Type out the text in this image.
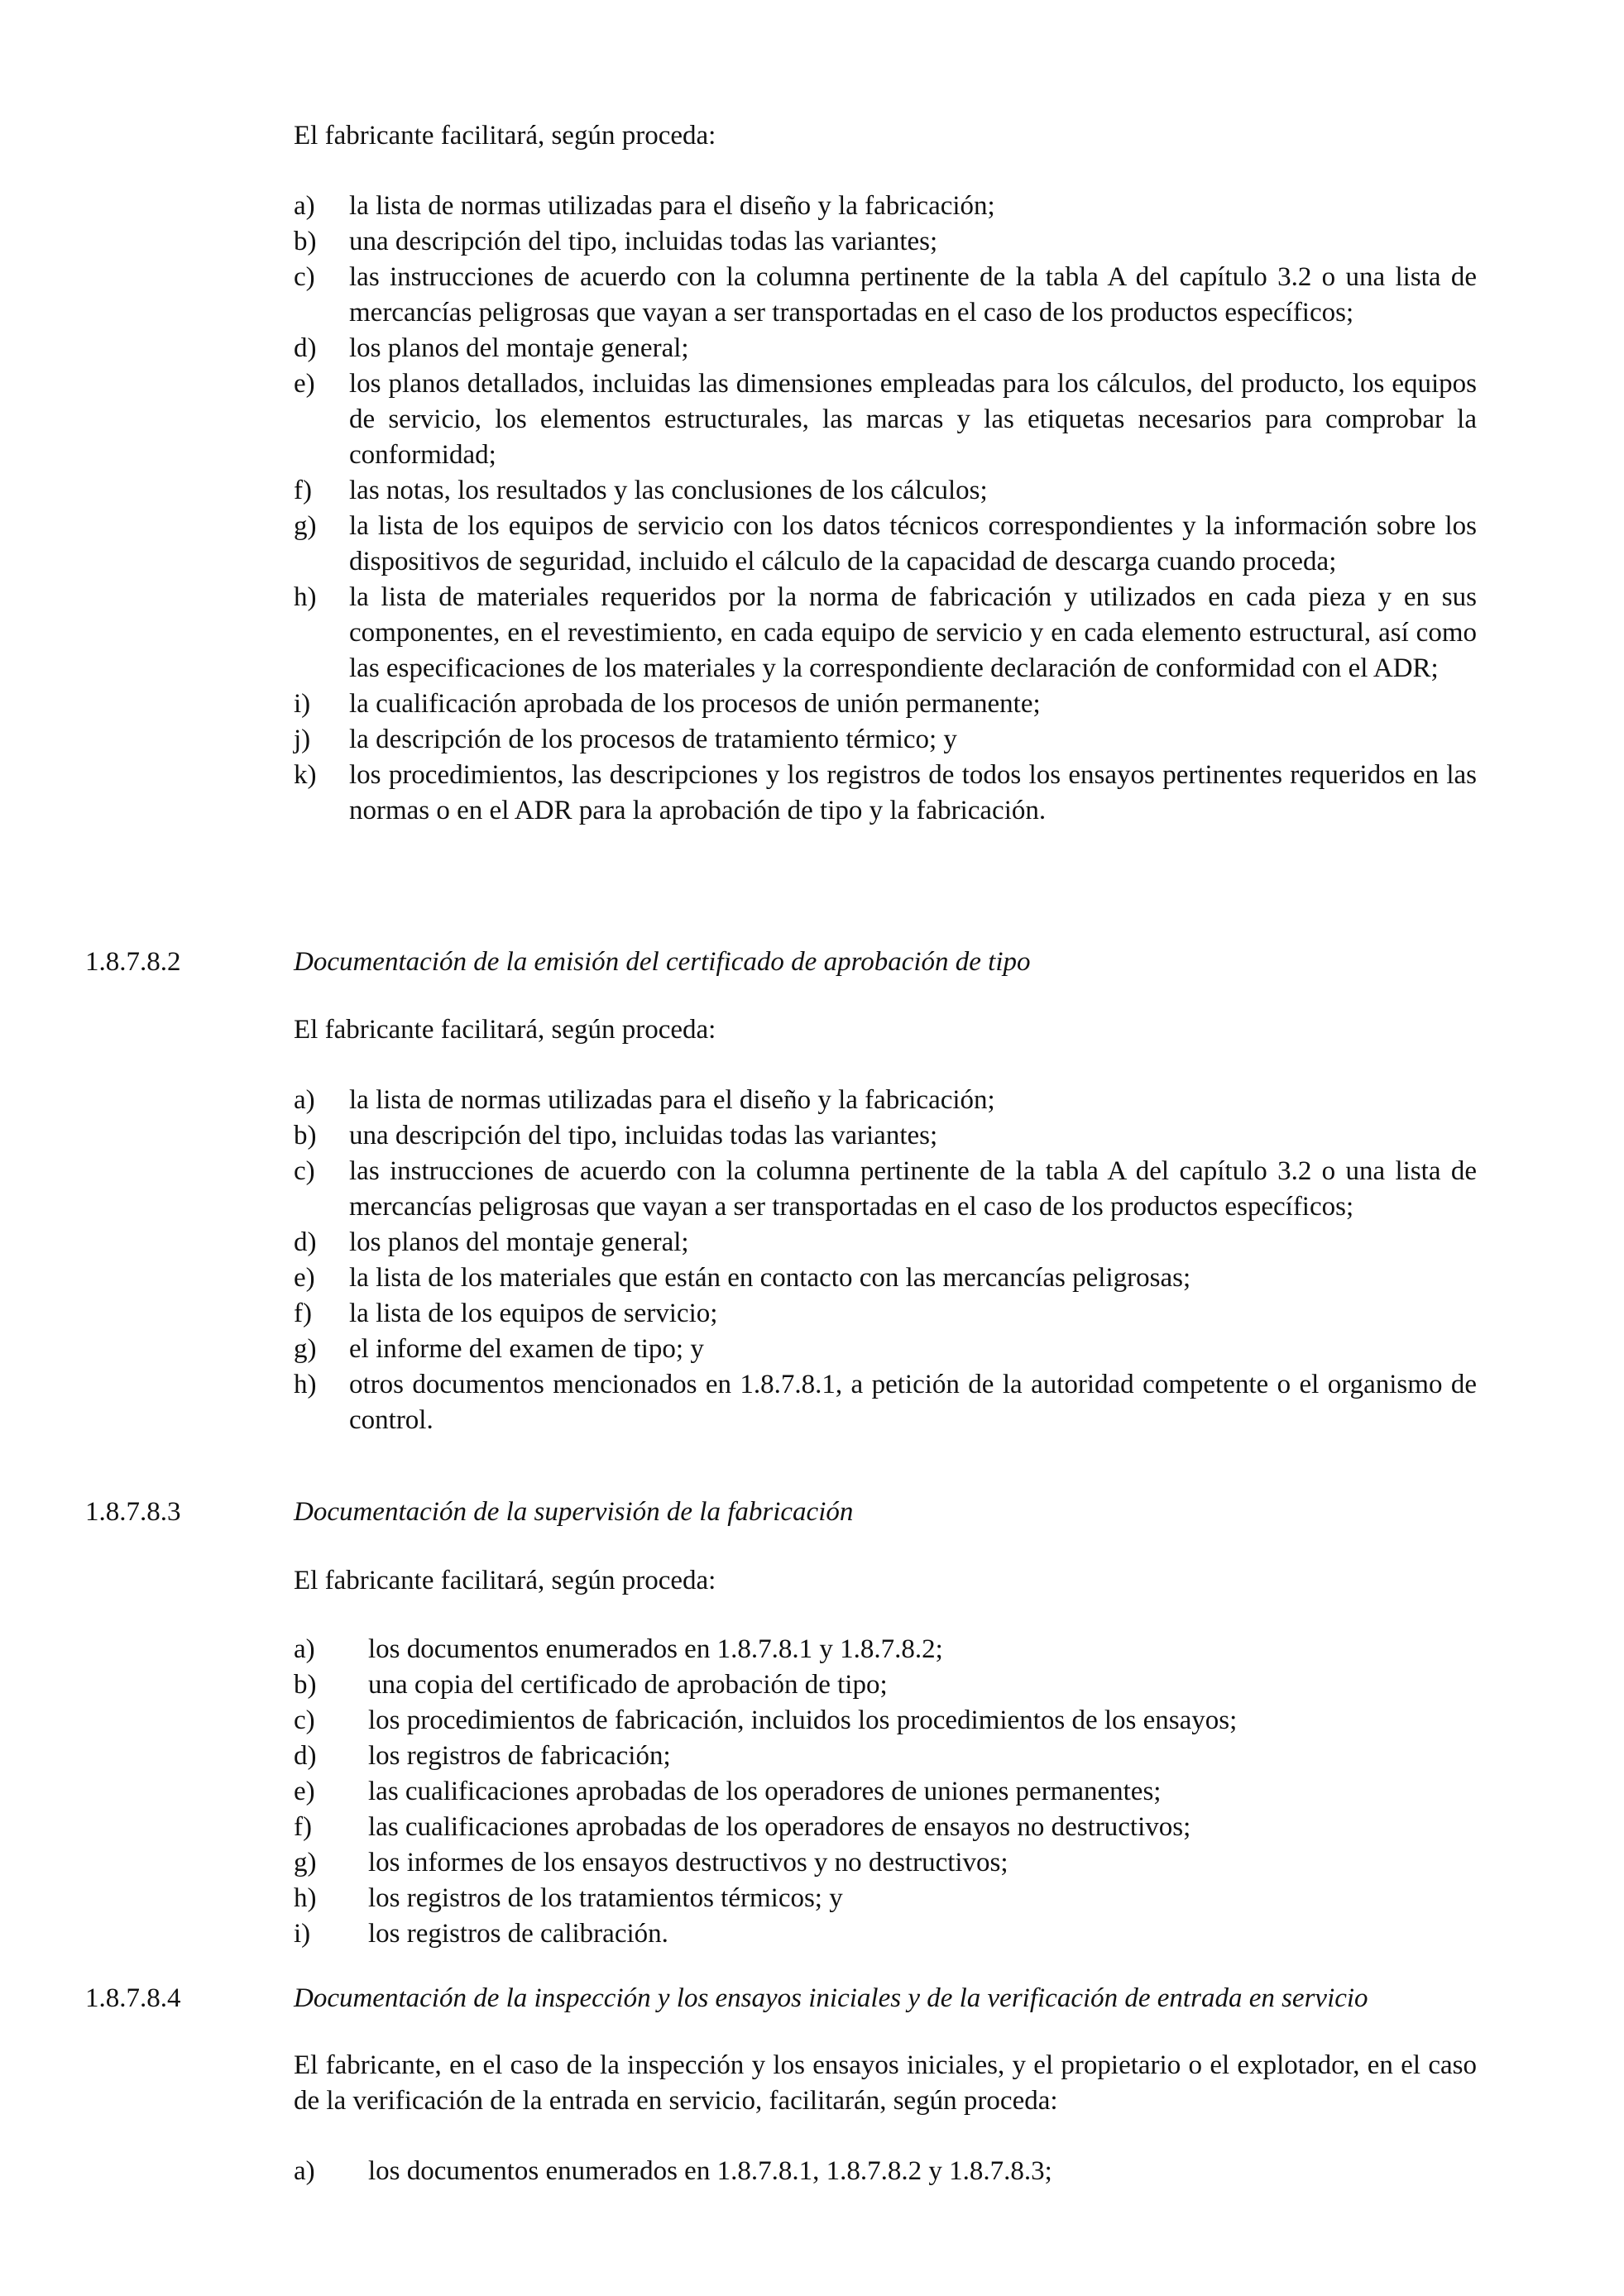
El fabricante facilitará, según proceda:

a) la lista de normas utilizadas para el diseño y la fabricación;
b) una descripción del tipo, incluidas todas las variantes;
c) las instrucciones de acuerdo con la columna pertinente de la tabla A del capítulo 3.2 o una lista de mercancías peligrosas que vayan a ser transportadas en el caso de los productos específicos;
d) los planos del montaje general;
e) los planos detallados, incluidas las dimensiones empleadas para los cálculos, del producto, los equipos de servicio, los elementos estructurales, las marcas y las etiquetas necesarios para comprobar la conformidad;
f) las notas, los resultados y las conclusiones de los cálculos;
g) la lista de los equipos de servicio con los datos técnicos correspondientes y la información sobre los dispositivos de seguridad, incluido el cálculo de la capacidad de descarga cuando proceda;
h) la lista de materiales requeridos por la norma de fabricación y utilizados en cada pieza y en sus componentes, en el revestimiento, en cada equipo de servicio y en cada elemento estructural, así como las especificaciones de los materiales y la correspondiente declaración de conformidad con el ADR;
i) la cualificación aprobada de los procesos de unión permanente;
j) la descripción de los procesos de tratamiento térmico; y
k) los procedimientos, las descripciones y los registros de todos los ensayos pertinentes requeridos en las normas o en el ADR para la aprobación de tipo y la fabricación.
1.8.7.8.2	Documentación de la emisión del certificado de aprobación de tipo

El fabricante facilitará, según proceda:

a) la lista de normas utilizadas para el diseño y la fabricación;
b) una descripción del tipo, incluidas todas las variantes;
c) las instrucciones de acuerdo con la columna pertinente de la tabla A del capítulo 3.2 o una lista de mercancías peligrosas que vayan a ser transportadas en el caso de los productos específicos;
d) los planos del montaje general;
e) la lista de los materiales que están en contacto con las mercancías peligrosas;
f) la lista de los equipos de servicio;
g) el informe del examen de tipo; y
h) otros documentos mencionados en 1.8.7.8.1, a petición de la autoridad competente o el organismo de control.
1.8.7.8.3	Documentación de la supervisión de la fabricación

El fabricante facilitará, según proceda:

a) los documentos enumerados en 1.8.7.8.1 y 1.8.7.8.2;
b) una copia del certificado de aprobación de tipo;
c) los procedimientos de fabricación, incluidos los procedimientos de los ensayos;
d) los registros de fabricación;
e) las cualificaciones aprobadas de los operadores de uniones permanentes;
f) las cualificaciones aprobadas de los operadores de ensayos no destructivos;
g) los informes de los ensayos destructivos y no destructivos;
h) los registros de los tratamientos térmicos; y
i) los registros de calibración.
1.8.7.8.4	Documentación de la inspección y los ensayos iniciales y de la verificación de entrada en servicio

El fabricante, en el caso de la inspección y los ensayos iniciales, y el propietario o el explotador, en el caso de la verificación de la entrada en servicio, facilitarán, según proceda:

a) los documentos enumerados en 1.8.7.8.1, 1.8.7.8.2 y 1.8.7.8.3;
